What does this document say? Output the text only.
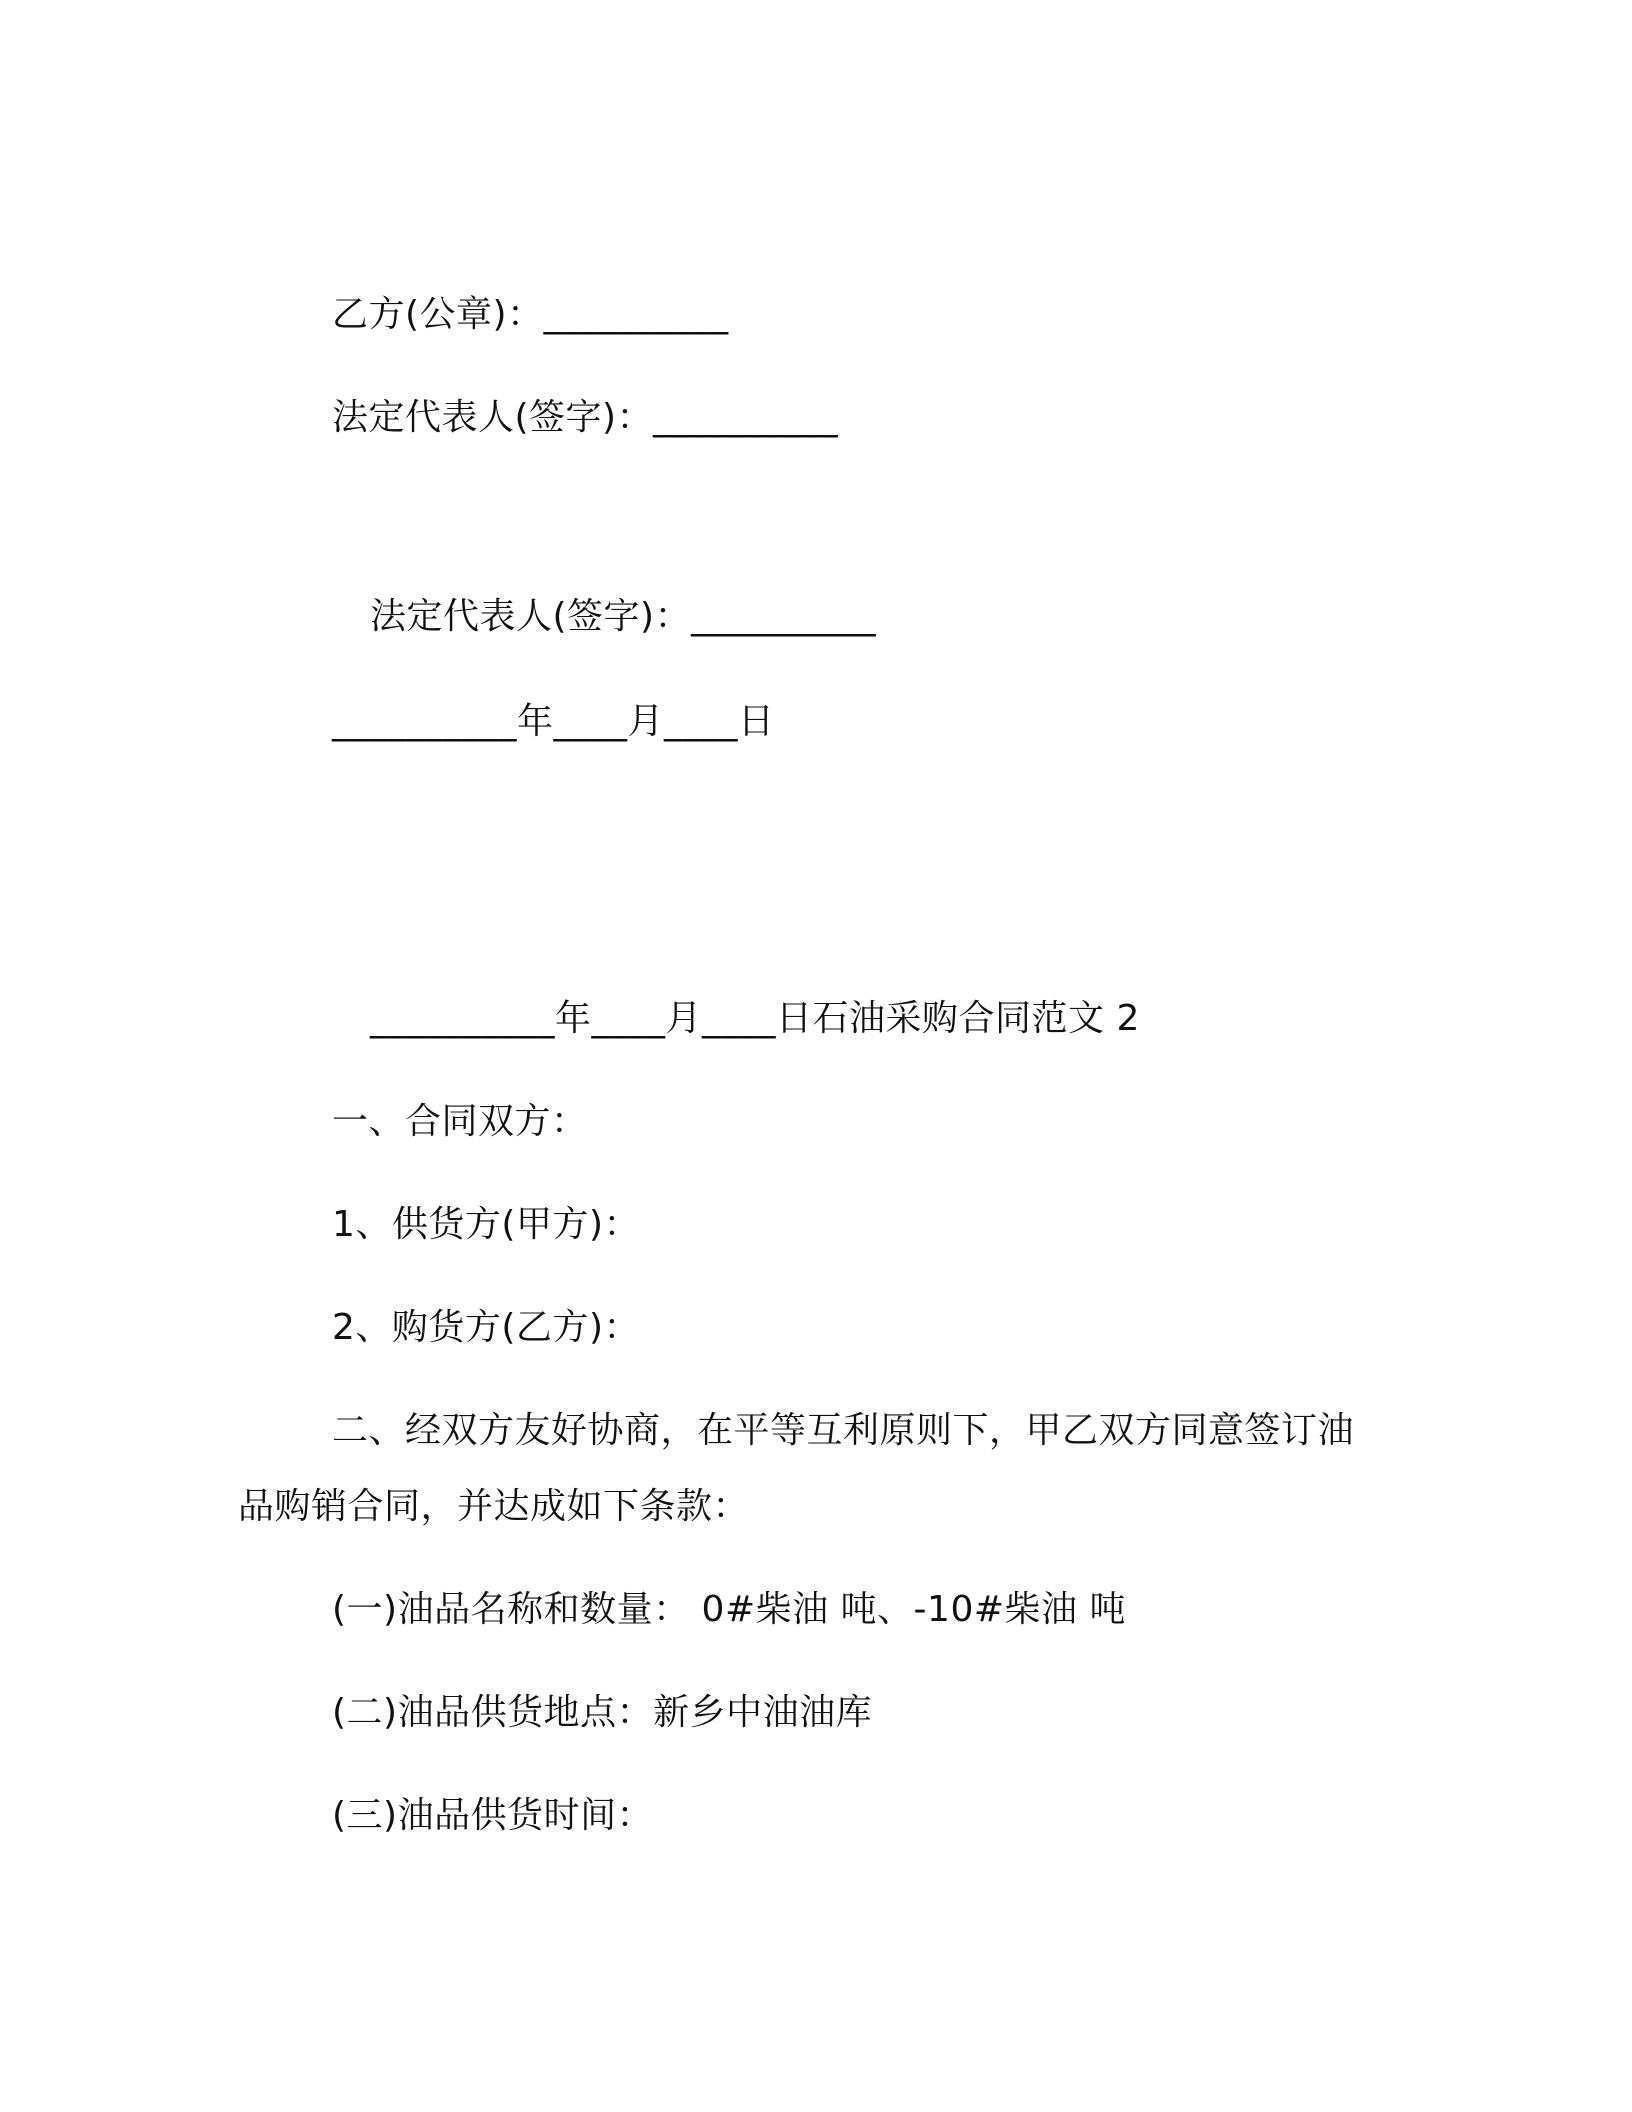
乙方(公章)：__________
法定代表人(签字)：__________
法定代表人(签字)：__________
__________年____月____日
__________年____月____日石油采购合同范文 2
一、合同双方：
1、供货方(甲方)：
2、购货方(乙方)：
二、经双方友好协商，在平等互利原则下，甲乙双方同意签订油
品购销合同，并达成如下条款：
(一)油品名称和数量： 0#柴油 吨、-10#柴油 吨
(二)油品供货地点：新乡中油油库
(三)油品供货时间：
